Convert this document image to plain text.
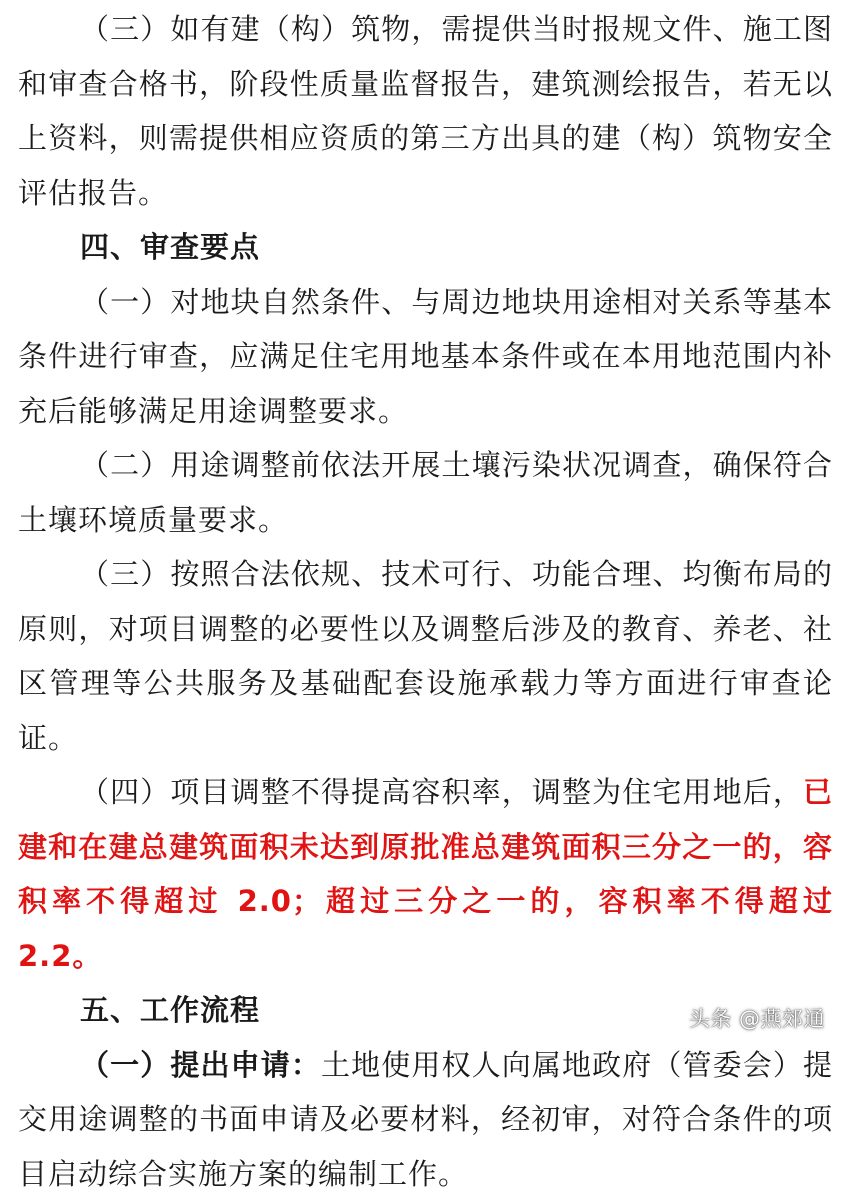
（三）如有建（构）筑物，需提供当时报规文件、施工图和审查合格书，阶段性质量监督报告，建筑测绘报告，若无以上资料，则需提供相应资质的第三方出具的建（构）筑物安全评估报告。

四、审查要点

（一）对地块自然条件、与周边地块用途相对关系等基本条件进行审查，应满足住宅用地基本条件或在本用地范围内补充后能够满足用途调整要求。

（二）用途调整前依法开展土壤污染状况调查，确保符合土壤环境质量要求。

（三）按照合法依规、技术可行、功能合理、均衡布局的原则，对项目调整的必要性以及调整后涉及的教育、养老、社区管理等公共服务及基础配套设施承载力等方面进行审查论证。

（四）项目调整不得提高容积率，调整为住宅用地后，已建和在建总建筑面积未达到原批准总建筑面积三分之一的，容积率不得超过 2.0；超过三分之一的，容积率不得超过 2.2。

五、工作流程

（一）提出申请：土地使用权人向属地政府（管委会）提交用途调整的书面申请及必要材料，经初审，对符合条件的项目启动综合实施方案的编制工作。

头条 @燕郊通
